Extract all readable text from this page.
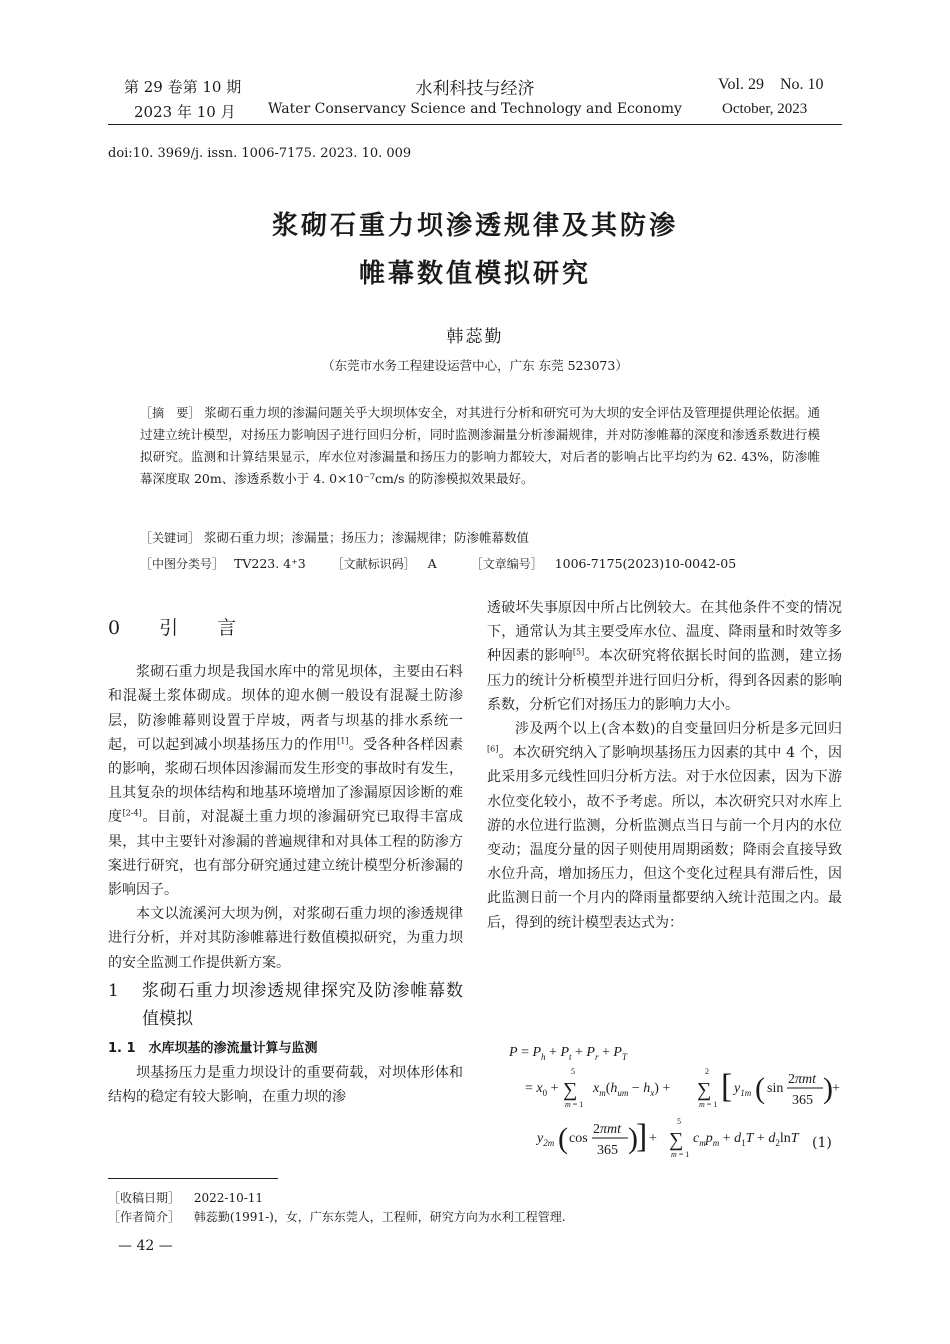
第 29 卷第 10 期
2023 年 10 月
水利科技与经济
Water Conservancy Science and Technology and Economy
Vol. 29    No. 10
October, 2023
doi:10. 3969/j. issn. 1006-7175. 2023. 10. 009
浆砌石重力坝渗透规律及其防渗
帷幕数值模拟研究
韩蕊勤
（东莞市水务工程建设运营中心，广东 东莞 523073）
［摘　要］ 浆砌石重力坝的渗漏问题关乎大坝坝体安全，对其进行分析和研究可为大坝的安全评估及管理提供理论依据。通过建立统计模型，对扬压力影响因子进行回归分析，同时监测渗漏量分析渗漏规律，并对防渗帷幕的深度和渗透系数进行模拟研究。监测和计算结果显示，库水位对渗漏量和扬压力的影响力都较大，对后者的影响占比平均约为 62. 43%，防渗帷幕深度取 20m、渗透系数小于 4. 0×10⁻⁷cm/s 的防渗模拟效果最好。
［关键词］ 浆砌石重力坝；渗漏量；扬压力；渗漏规律；防渗帷幕数值
［中图分类号］ TV223. 4⁺3 ［文献标识码］ A	［文章编号］ 1006-7175(2023)10-0042-05
0　引　言

浆砌石重力坝是我国水库中的常见坝体，主要由石料和混凝土浆体砌成。坝体的迎水侧一般设有混凝土防渗层，防渗帷幕则设置于岸坡，两者与坝基的排水系统一起，可以起到减小坝基扬压力的作用[1]。受各种各样因素的影响，浆砌石坝体因渗漏而发生形变的事故时有发生，且其复杂的坝体结构和地基环境增加了渗漏原因诊断的难度[2-4]。目前，对混凝土重力坝的渗漏研究已取得丰富成果，其中主要针对渗漏的普遍规律和对具体工程的防渗方案进行研究，也有部分研究通过建立统计模型分析渗漏的影响因子。

本文以流溪河大坝为例，对浆砌石重力坝的渗透规律进行分析，并对其防渗帷幕进行数值模拟研究，为重力坝的安全监测工作提供新方案。

1	浆砌石重力坝渗透规律探究及防渗帷幕数值模拟
1. 1　水库坝基的渗流量计算与监测

坝基扬压力是重力坝设计的重要荷载，对坝体形体和结构的稳定有较大影响，在重力坝的渗

透破坏失事原因中所占比例较大。在其他条件不变的情况下，通常认为其主要受库水位、温度、降雨量和时效等多种因素的影响[5]。本次研究将依据长时间的监测，建立扬压力的统计分析模型并进行回归分析，得到各因素的影响系数，分析它们对扬压力的影响力大小。

涉及两个以上(含本数)的自变量回归分析是多元回归[6]。本次研究纳入了影响坝基扬压力因素的其中 4 个，因此采用多元线性回归分析方法。对于水位因素，因为下游水位变化较小，故不予考虑。所以，本次研究只对水库上游的水位进行监测，分析监测点当日与前一个月内的水位变动；温度分量的因子则使用周期函数；降雨会直接导致水位升高，增加扬压力，但这个变化过程具有滞后性，因此监测日前一个月内的降雨量都要纳入统计范围之内。最后，得到的统计模型表达式为：

$P = P_h + P_t + P_r + P_T$
= $x_0$ +
5
∑
m = 1
$x_m(h_{um} - h_x)$ +
2
∑
m = 1 [ $y_{1m}$ ( sin
2πmt
365 ) +
$y_{2m}$ ( cos
2πmt
365 )
] +
5
∑
m = 1
$c_mp_m + d_1T + d_2\ln T$ (1)
［收稿日期］ 2022-10-11
［作者简介］ 韩蕊勤(1991-)，女，广东东莞人，工程师，研究方向为水利工程管理.
— 42 —
